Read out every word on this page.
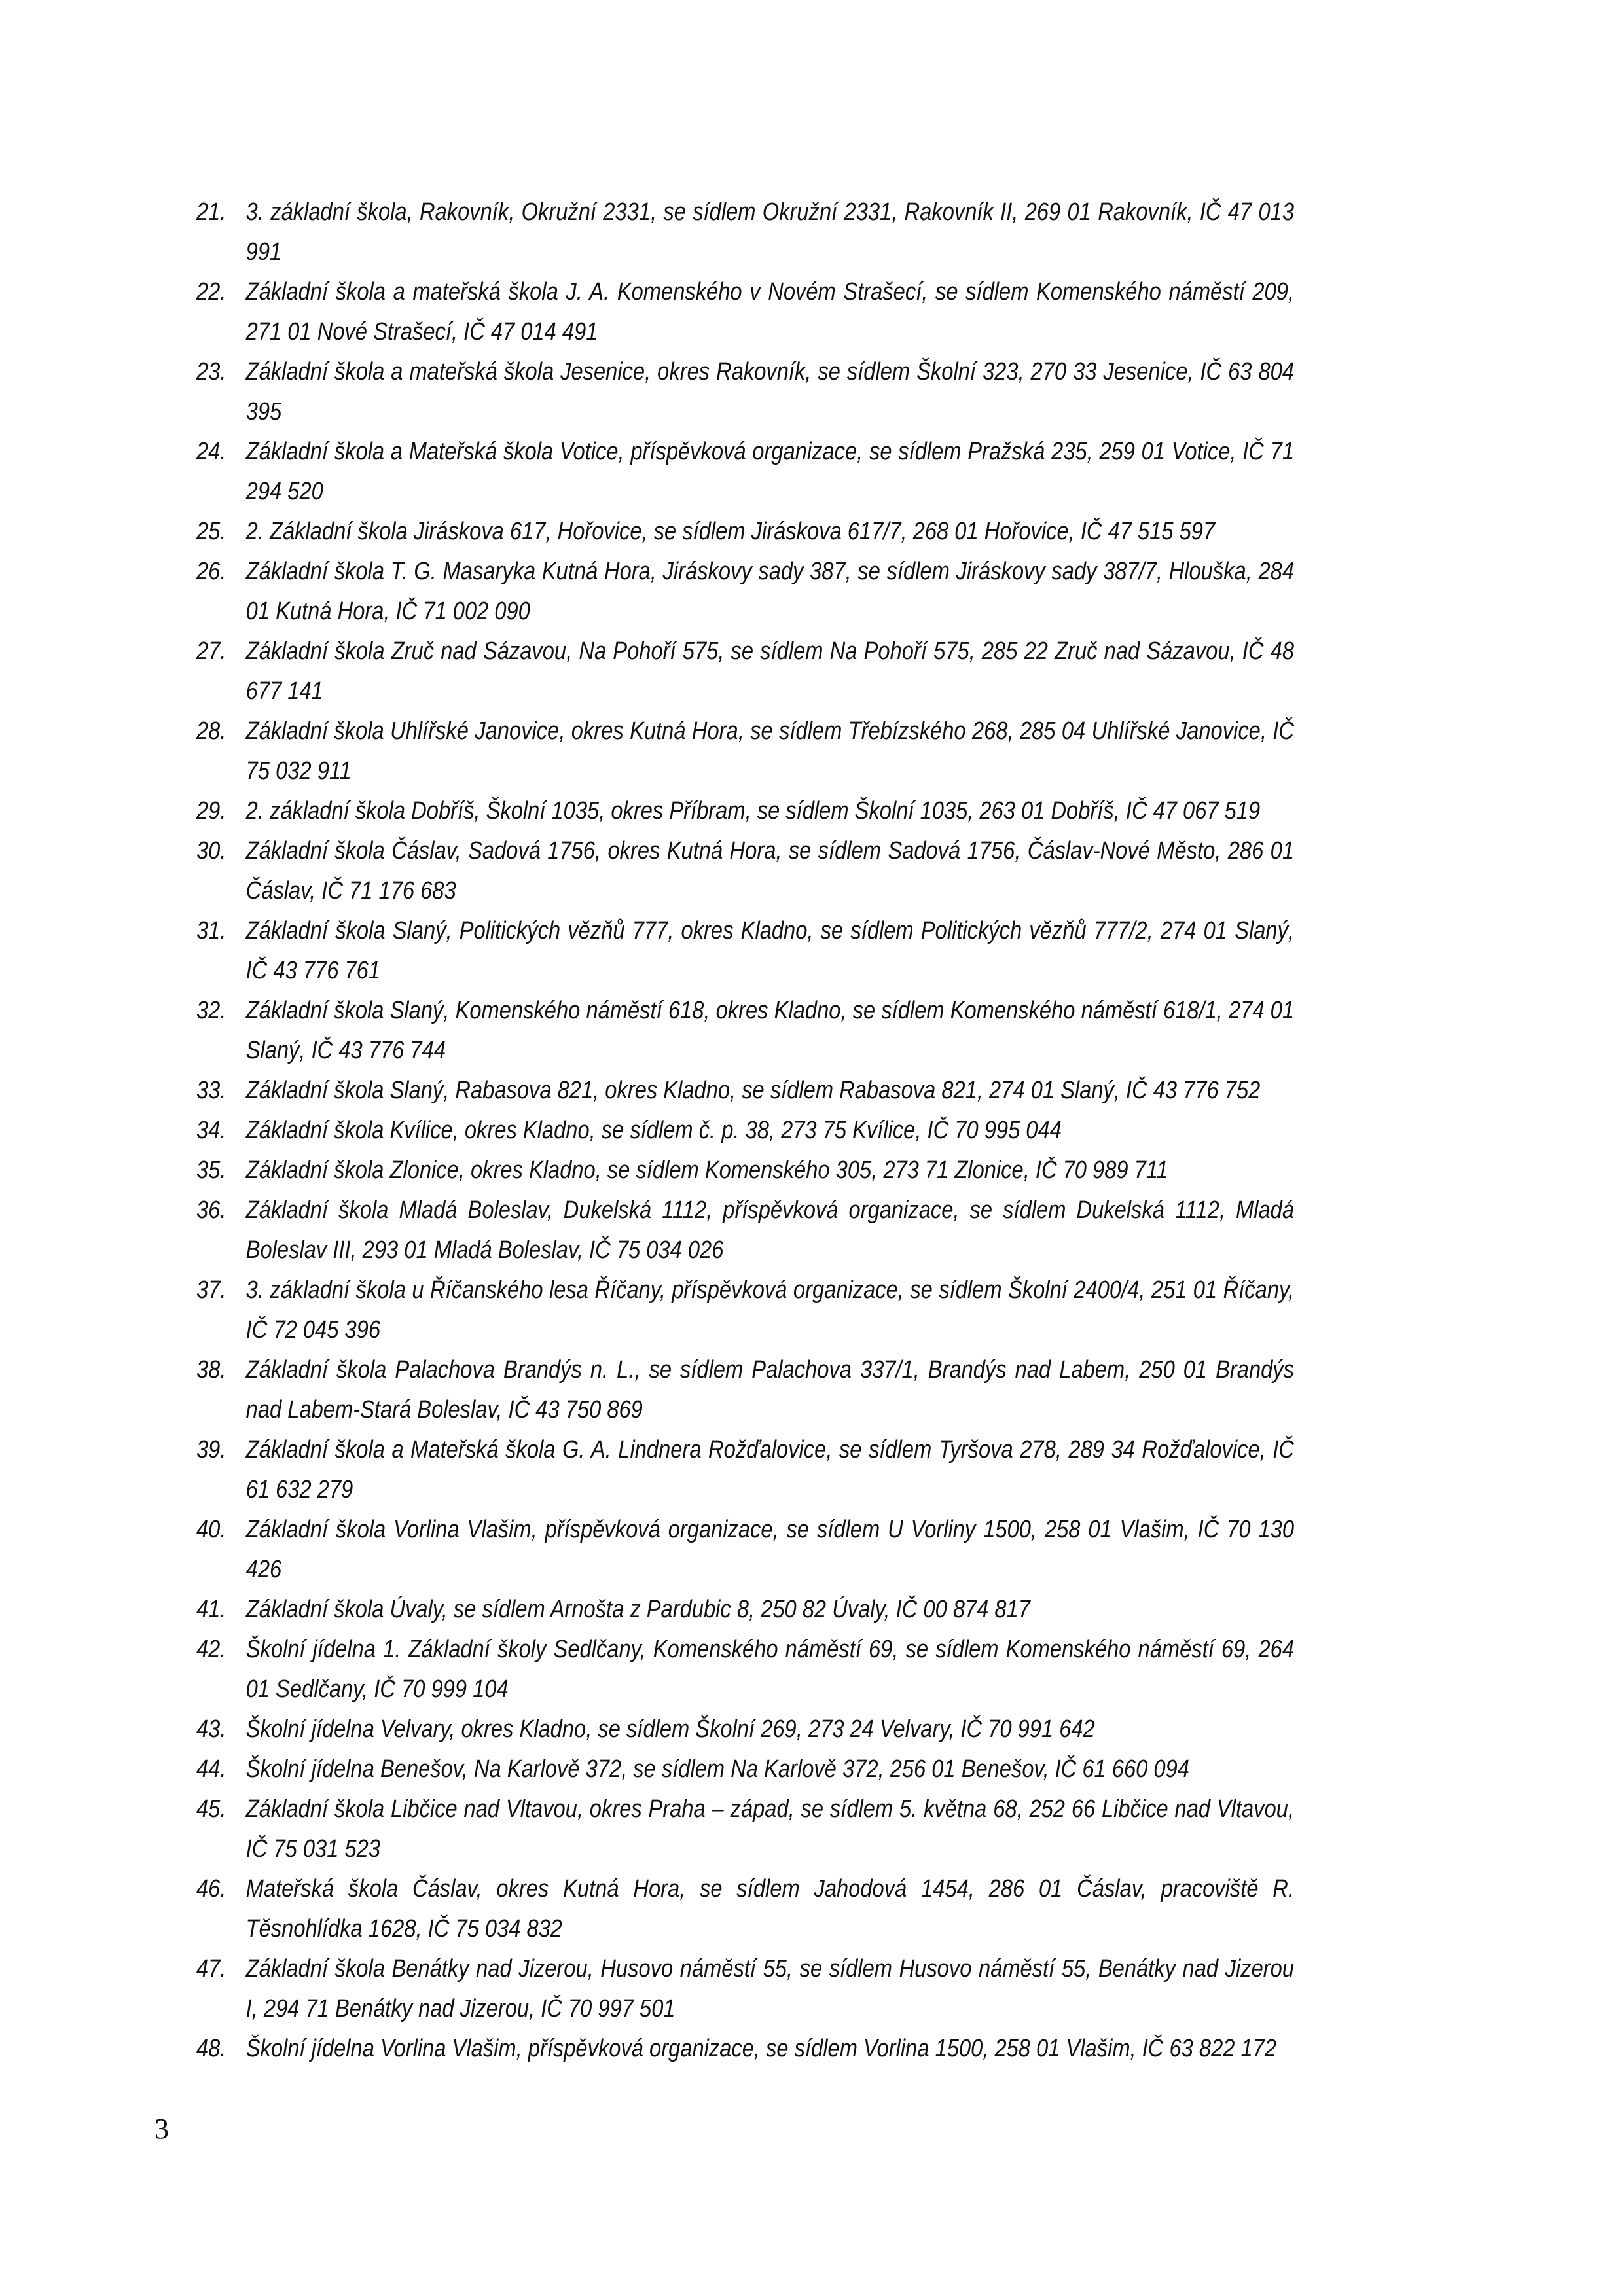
21. 3. základní škola, Rakovník, Okružní 2331, se sídlem Okružní 2331, Rakovník II, 269 01 Rakovník, IČ 47 013 991
22. Základní škola a mateřská škola J. A. Komenského v Novém Strašecí, se sídlem Komenského náměstí 209, 271 01 Nové Strašecí, IČ 47 014 491
23. Základní škola a mateřská škola Jesenice, okres Rakovník, se sídlem Školní 323, 270 33 Jesenice, IČ 63 804 395
24. Základní škola a Mateřská škola Votice, příspěvková organizace, se sídlem Pražská 235, 259 01 Votice, IČ 71 294 520
25. 2. Základní škola Jiráskova 617, Hořovice, se sídlem Jiráskova 617/7, 268 01 Hořovice, IČ 47 515 597
26. Základní škola T. G. Masaryka Kutná Hora, Jiráskovy sady 387, se sídlem Jiráskovy sady 387/7, Hlouška, 284 01 Kutná Hora, IČ 71 002 090
27. Základní škola Zruč nad Sázavou, Na Pohoří 575, se sídlem Na Pohoří 575, 285 22 Zruč nad Sázavou, IČ 48 677 141
28. Základní škola Uhlířské Janovice, okres Kutná Hora, se sídlem Třebízského 268, 285 04 Uhlířské Janovice, IČ 75 032 911
29. 2. základní škola Dobříš, Školní 1035, okres Příbram, se sídlem Školní 1035, 263 01 Dobříš, IČ 47 067 519
30. Základní škola Čáslav, Sadová 1756, okres Kutná Hora, se sídlem Sadová 1756, Čáslav-Nové Město, 286 01 Čáslav, IČ 71 176 683
31. Základní škola Slaný, Politických vězňů 777, okres Kladno, se sídlem Politických vězňů 777/2, 274 01 Slaný, IČ 43 776 761
32. Základní škola Slaný, Komenského náměstí 618, okres Kladno, se sídlem Komenského náměstí 618/1, 274 01 Slaný, IČ 43 776 744
33. Základní škola Slaný, Rabasova 821, okres Kladno, se sídlem Rabasova 821, 274 01 Slaný, IČ 43 776 752
34. Základní škola Kvílice, okres Kladno, se sídlem č. p. 38, 273 75 Kvílice, IČ 70 995 044
35. Základní škola Zlonice, okres Kladno, se sídlem Komenského 305, 273 71 Zlonice, IČ 70 989 711
36. Základní škola Mladá Boleslav, Dukelská 1112, příspěvková organizace, se sídlem Dukelská 1112, Mladá Boleslav III, 293 01 Mladá Boleslav, IČ 75 034 026
37. 3. základní škola u Říčanského lesa Říčany, příspěvková organizace, se sídlem Školní 2400/4, 251 01 Říčany, IČ 72 045 396
38. Základní škola Palachova Brandýs n. L., se sídlem Palachova 337/1, Brandýs nad Labem, 250 01 Brandýs nad Labem-Stará Boleslav, IČ 43 750 869
39. Základní škola a Mateřská škola G. A. Lindnera Rožďalovice, se sídlem Tyršova 278, 289 34 Rožďalovice, IČ 61 632 279
40. Základní škola Vorlina Vlašim, příspěvková organizace, se sídlem U Vorliny 1500, 258 01 Vlašim, IČ 70 130 426
41. Základní škola Úvaly, se sídlem Arnošta z Pardubic 8, 250 82 Úvaly, IČ 00 874 817
42. Školní jídelna 1. Základní školy Sedlčany, Komenského náměstí 69, se sídlem Komenského náměstí 69, 264 01 Sedlčany, IČ 70 999 104
43. Školní jídelna Velvary, okres Kladno, se sídlem Školní 269, 273 24 Velvary, IČ 70 991 642
44. Školní jídelna Benešov, Na Karlově 372, se sídlem Na Karlově 372, 256 01 Benešov, IČ 61 660 094
45. Základní škola Libčice nad Vltavou, okres Praha – západ, se sídlem 5. května 68, 252 66 Libčice nad Vltavou, IČ 75 031 523
46. Mateřská škola Čáslav, okres Kutná Hora, se sídlem Jahodová 1454, 286 01 Čáslav, pracoviště R. Těsnohlídka 1628, IČ 75 034 832
47. Základní škola Benátky nad Jizerou, Husovo náměstí 55, se sídlem Husovo náměstí 55, Benátky nad Jizerou I, 294 71 Benátky nad Jizerou, IČ 70 997 501
48. Školní jídelna Vorlina Vlašim, příspěvková organizace, se sídlem Vorlina 1500, 258 01 Vlašim, IČ 63 822 172
3
